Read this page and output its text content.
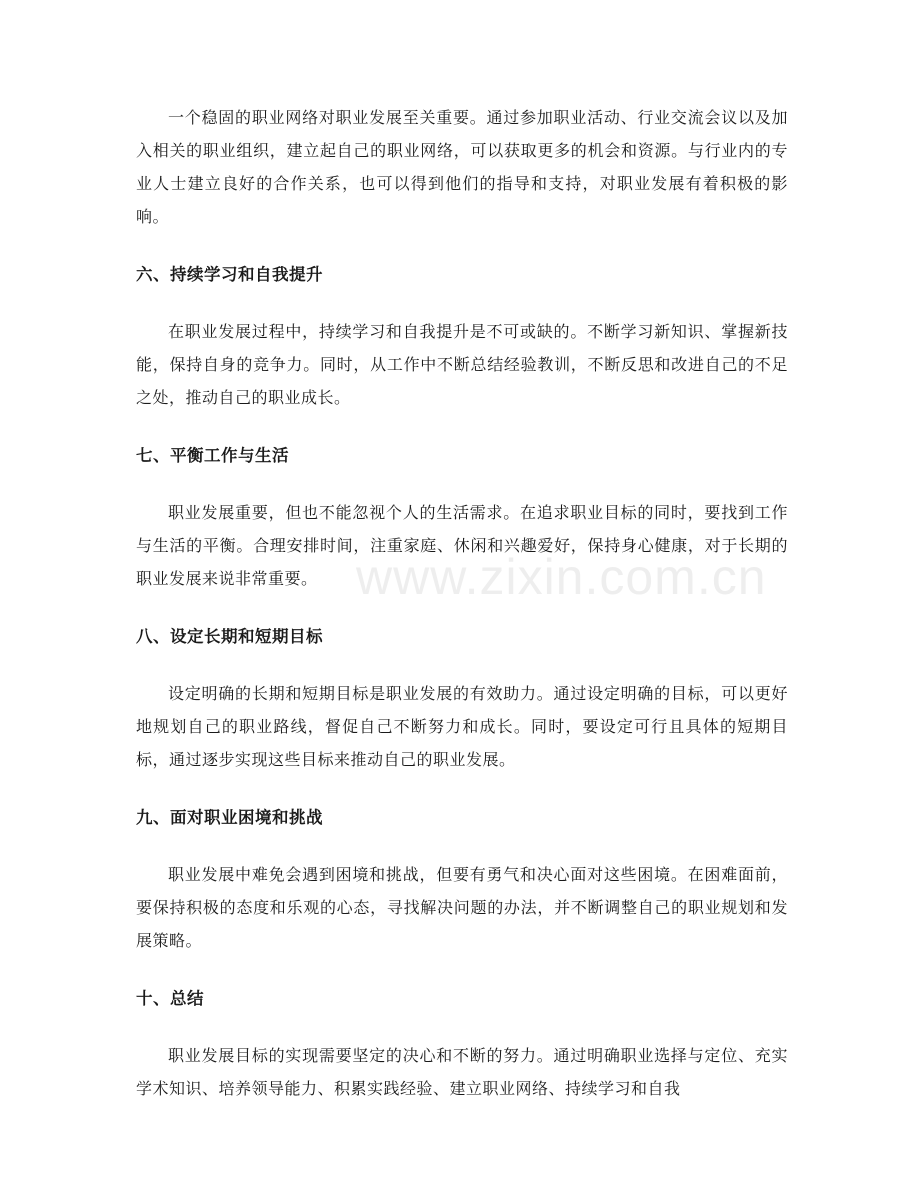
一个稳固的职业网络对职业发展至关重要。通过参加职业活动、行业交流会议以及加入相关的职业组织，建立起自己的职业网络，可以获取更多的机会和资源。与行业内的专业人士建立良好的合作关系，也可以得到他们的指导和支持，对职业发展有着积极的影响。

六、持续学习和自我提升

在职业发展过程中，持续学习和自我提升是不可或缺的。不断学习新知识、掌握新技能，保持自身的竞争力。同时，从工作中不断总结经验教训，不断反思和改进自己的不足之处，推动自己的职业成长。

七、平衡工作与生活

职业发展重要，但也不能忽视个人的生活需求。在追求职业目标的同时，要找到工作与生活的平衡。合理安排时间，注重家庭、休闲和兴趣爱好，保持身心健康，对于长期的职业发展来说非常重要。

八、设定长期和短期目标

设定明确的长期和短期目标是职业发展的有效助力。通过设定明确的目标，可以更好地规划自己的职业路线，督促自己不断努力和成长。同时，要设定可行且具体的短期目标，通过逐步实现这些目标来推动自己的职业发展。

九、面对职业困境和挑战

职业发展中难免会遇到困境和挑战，但要有勇气和决心面对这些困境。在困难面前，要保持积极的态度和乐观的心态，寻找解决问题的办法，并不断调整自己的职业规划和发展策略。

十、总结

职业发展目标的实现需要坚定的决心和不断的努力。通过明确职业选择与定位、充实学术知识、培养领导能力、积累实践经验、建立职业网络、持续学习和自我

www.zixin.com.cn
